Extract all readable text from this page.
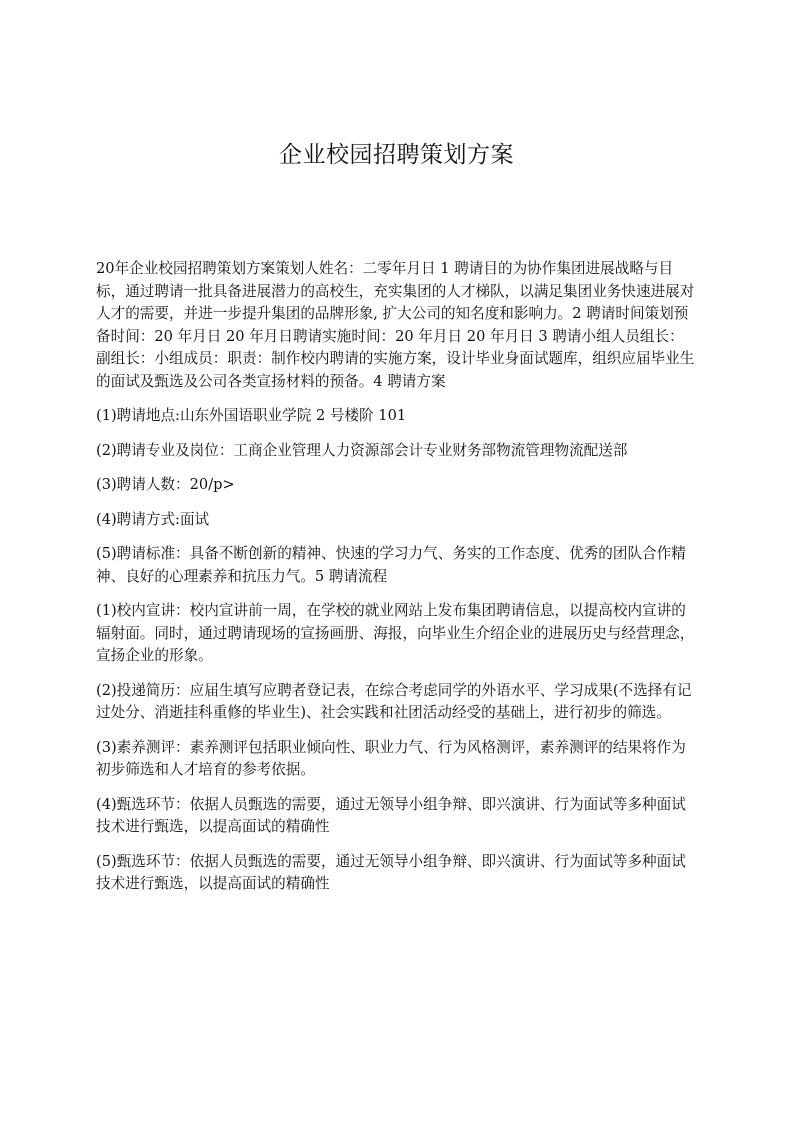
企业校园招聘策划方案

20年企业校园招聘策划方案策划人姓名：二零年月日 1 聘请目的为协作集团进展战略与目标，通过聘请一批具备进展潜力的高校生，充实集团的人才梯队，以满足集团业务快速进展对人才的需要，并进一步提升集团的品牌形象, 扩大公司的知名度和影响力。2 聘请时间策划预备时间：20 年月日 20 年月日聘请实施时间：20 年月日 20 年月日 3 聘请小组人员组长：副组长：小组成员：职责：制作校内聘请的实施方案，设计毕业身面试题库，组织应届毕业生的面试及甄选及公司各类宣扬材料的预备。4 聘请方案

(1)聘请地点:山东外国语职业学院 2 号楼阶 101

(2)聘请专业及岗位：工商企业管理人力资源部会计专业财务部物流管理物流配送部

(3)聘请人数：20/p>

(4)聘请方式:面试

(5)聘请标准：具备不断创新的精神、快速的学习力气、务实的工作态度、优秀的团队合作精神、良好的心理素养和抗压力气。5 聘请流程

(1)校内宣讲：校内宣讲前一周，在学校的就业网站上发布集团聘请信息，以提高校内宣讲的辐射面。同时，通过聘请现场的宣扬画册、海报，向毕业生介绍企业的进展历史与经营理念，宣扬企业的形象。

(2)投递简历：应届生填写应聘者登记表，在综合考虑同学的外语水平、学习成果(不选择有记过处分、消逝挂科重修的毕业生)、社会实践和社团活动经受的基础上，进行初步的筛选。

(3)素养测评：素养测评包括职业倾向性、职业力气、行为风格测评，素养测评的结果将作为初步筛选和人才培育的参考依据。

(4)甄选环节：依据人员甄选的需要，通过无领导小组争辩、即兴演讲、行为面试等多种面试技术进行甄选，以提高面试的精确性

(5)甄选环节：依据人员甄选的需要，通过无领导小组争辩、即兴演讲、行为面试等多种面试技术进行甄选，以提高面试的精确性
